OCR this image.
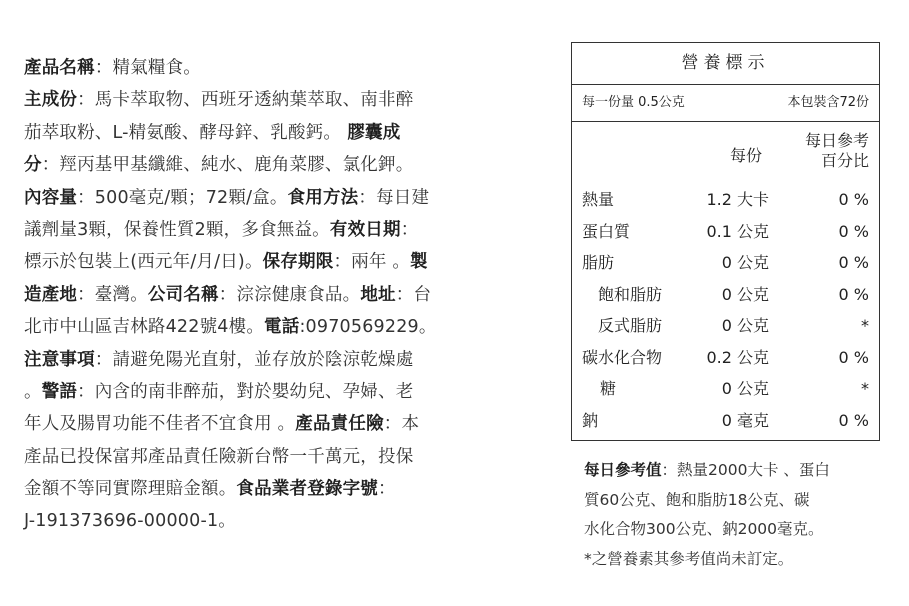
產品名稱：精氣糧食。
主成份：馬卡萃取物、西班牙透納葉萃取、南非醉
茄萃取粉、L-精氨酸、酵母鋅、乳酸鈣。 膠囊成
分：羥丙基甲基纖維、純水、鹿角菜膠、氯化鉀。
內容量：500毫克/顆；72顆/盒。食用方法：每日建
議劑量3顆，保養性質2顆，多食無益。有效日期：
標示於包裝上(西元年/月/日)。保存期限：兩年 。製
造產地：臺灣。公司名稱：淙淙健康食品。地址：台
北市中山區吉林路422號4樓。電話:0970569229。
注意事項：請避免陽光直射，並存放於陰涼乾燥處
。警語：內含的南非醉茄，對於嬰幼兒、孕婦、老
年人及腸胃功能不佳者不宜食用 。產品責任險：本
產品已投保富邦產品責任險新台幣一千萬元，投保
金額不等同實際理賠金額。食品業者登錄字號：
J-191373696-00000-1。
營養標示
每一份量 0.5公克	本包裝含72份
每份
每日參考
百分比
熱量	1.2 大卡	0 %
蛋白質	0.1 公克	0 %
脂肪	0 公克	0 %
飽和脂肪	0 公克	0 %
反式脂肪	0 公克	*
碳水化合物	0.2 公克	0 %
糖	0 公克	*
鈉	0 毫克	0 %
每日參考值：熱量2000大卡 、蛋白
質60公克、飽和脂肪18公克、碳
水化合物300公克、鈉2000毫克。
*之營養素其參考值尚未訂定。
